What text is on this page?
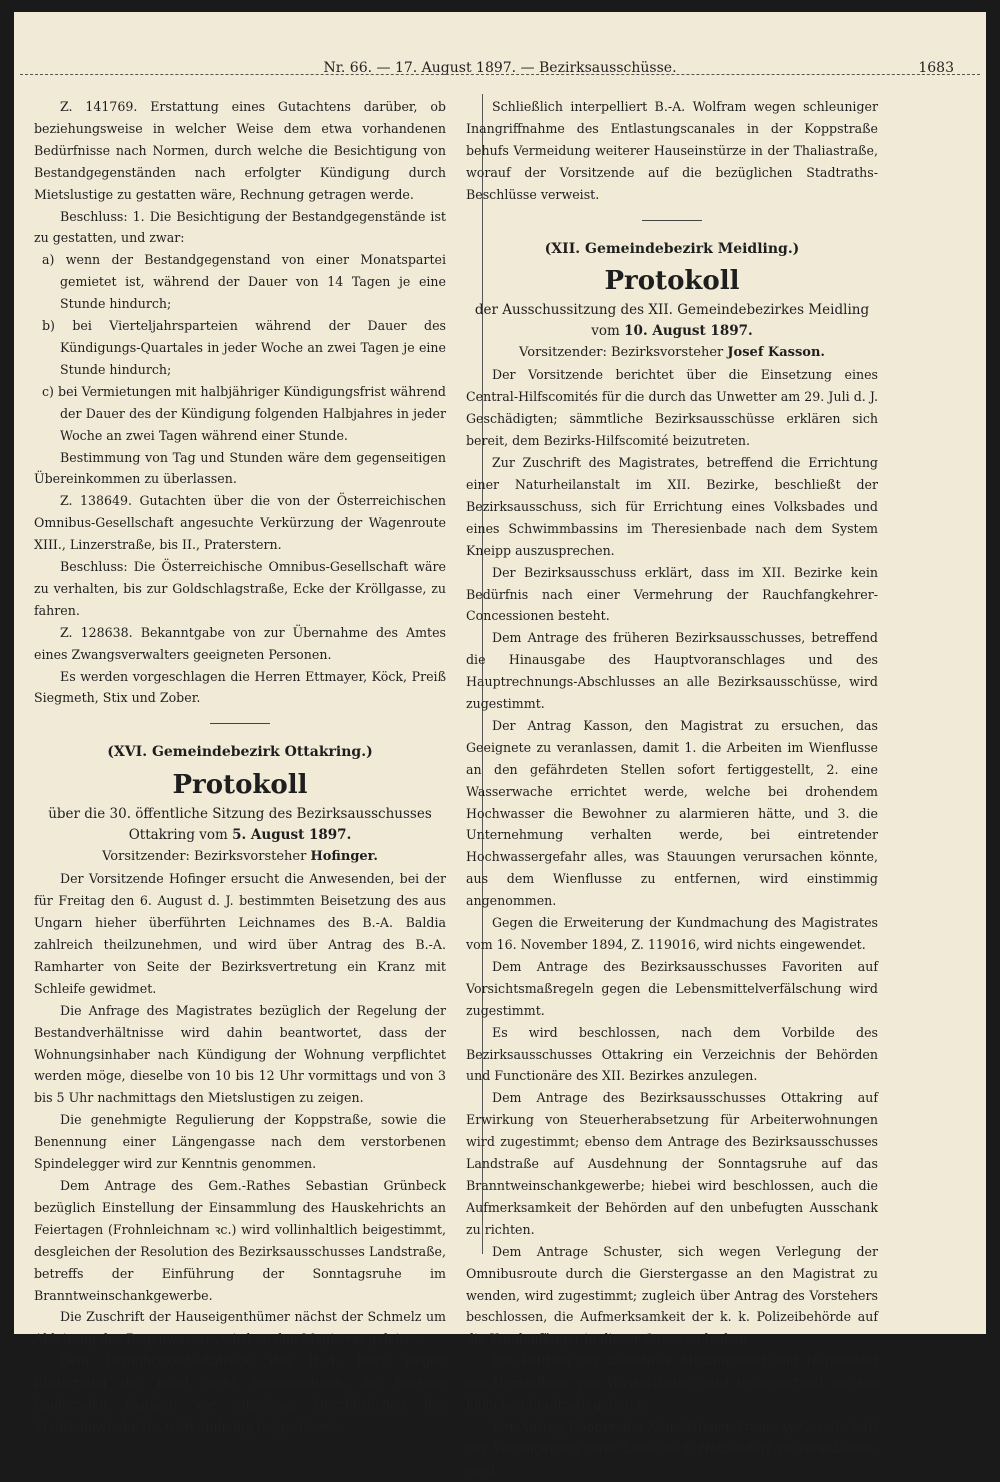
Nr. 66. — 17. August 1897. — Bezirksausschüsse.	1683

Z. 141769. Erstattung eines Gutachtens darüber, ob beziehungsweise in welcher Weise dem etwa vorhandenen Bedürfnisse nach Normen, durch welche die Besichtigung von Bestandgegenständen nach erfolgter Kündigung durch Mietslustige zu gestatten wäre, Rechnung getragen werde.

Beschluss: 1. Die Besichtigung der Bestandgegenstände ist zu gestatten, und zwar:

a) wenn der Bestandgegenstand von einer Monatspartei gemietet ist, während der Dauer von 14 Tagen je eine Stunde hindurch;

b) bei Vierteljahrsparteien während der Dauer des Kündigungs-Quartales in jeder Woche an zwei Tagen je eine Stunde hindurch;

c) bei Vermietungen mit halbjähriger Kündigungsfrist während der Dauer des der Kündigung folgenden Halbjahres in jeder Woche an zwei Tagen während einer Stunde.

Bestimmung von Tag und Stunden wäre dem gegenseitigen Übereinkommen zu überlassen.

Z. 138649. Gutachten über die von der Österreichischen Omnibus-Gesellschaft angesuchte Verkürzung der Wagenroute XIII., Linzerstraße, bis II., Praterstern.

Beschluss: Die Österreichische Omnibus-Gesellschaft wäre zu verhalten, bis zur Goldschlagstraße, Ecke der Kröllgasse, zu fahren.

Z. 128638. Bekanntgabe von zur Übernahme des Amtes eines Zwangsverwalters geeigneten Personen.

Es werden vorgeschlagen die Herren Ettmayer, Köck, Preiß Siegmeth, Stix und Zober.

(XVI. Gemeindebezirk Ottakring.)
Protokoll
über die 30. öffentliche Sitzung des Bezirksausschusses Ottakring vom 5. August 1897.
Vorsitzender: Bezirksvorsteher Hofinger.

Der Vorsitzende Hofinger ersucht die Anwesenden, bei der für Freitag den 6. August d. J. bestimmten Beisetzung des aus Ungarn hieher überführten Leichnames des B.-A. Baldia zahlreich theilzunehmen, und wird über Antrag des B.-A. Ramharter von Seite der Bezirksvertretung ein Kranz mit Schleife gewidmet.

Die Anfrage des Magistrates bezüglich der Regelung der Bestandverhältnisse wird dahin beantwortet, dass der Wohnungsinhaber nach Kündigung der Wohnung verpflichtet werden möge, dieselbe von 10 bis 12 Uhr vormittags und von 3 bis 5 Uhr nachmittags den Mietslustigen zu zeigen.

Die genehmigte Regulierung der Koppstraße, sowie die Benennung einer Längengasse nach dem verstorbenen Spindelegger wird zur Kenntnis genommen.

Dem Antrage des Gem.-Rathes Sebastian Grünbeck bezüglich Einstellung der Einsammlung des Hauskehrichts an Feiertagen (Frohnleichnam ꝛc.) wird vollinhaltlich beigestimmt, desgleichen der Resolution des Bezirksausschusses Landstraße, betreffs der Einführung der Sonntagsruhe im Branntweinschankgewerbe.

Die Zuschrift der Hauseigenthümer nächst der Schmelz um Ableitung des Regenwassers wird an den Magistrat geleitet.

Dem Dringlichkeits-Antrage des B.-A. Pany wegen Entfernung der nicht mehr nothwendigen, die Passage hindernden Planken vor einzelnen Durchbrüchen des Stadtbahnviaductes wird einhellig beigestimmt.

Schließlich interpelliert B.-A. Wolfram wegen schleuniger Inangriffnahme des Entlastungscanales in der Koppstraße behufs Vermeidung weiterer Hauseinstürze in der Thaliastraße, worauf der Vorsitzende auf die bezüglichen Stadtraths-Beschlüsse verweist.

(XII. Gemeindebezirk Meidling.)
Protokoll
der Ausschussitzung des XII. Gemeindebezirkes Meidling vom 10. August 1897.
Vorsitzender: Bezirksvorsteher Josef Kasson.

Der Vorsitzende berichtet über die Einsetzung eines Central-Hilfscomités für die durch das Unwetter am 29. Juli d. J. Geschädigten; sämmtliche Bezirksausschüsse erklären sich bereit, dem Bezirks-Hilfscomité beizutreten.

Zur Zuschrift des Magistrates, betreffend die Errichtung einer Naturheilanstalt im XII. Bezirke, beschließt der Bezirksausschuss, sich für Errichtung eines Volksbades und eines Schwimmbassins im Theresienbade nach dem System Kneipp auszusprechen.

Der Bezirksausschuss erklärt, dass im XII. Bezirke kein Bedürfnis nach einer Vermehrung der Rauchfangkehrer-Concessionen besteht.

Dem Antrage des früheren Bezirksausschusses, betreffend die Hinausgabe des Hauptvoranschlages und des Hauptrechnungs-Abschlusses an alle Bezirksausschüsse, wird zugestimmt.

Der Antrag Kasson, den Magistrat zu ersuchen, das Geeignete zu veranlassen, damit 1. die Arbeiten im Wienflusse an den gefährdeten Stellen sofort fertiggestellt, 2. eine Wasserwache errichtet werde, welche bei drohendem Hochwasser die Bewohner zu alarmieren hätte, und 3. die Unternehmung verhalten werde, bei eintretender Hochwassergefahr alles, was Stauungen verursachen könnte, aus dem Wienflusse zu entfernen, wird einstimmig angenommen.

Gegen die Erweiterung der Kundmachung des Magistrates vom 16. November 1894, Z. 119016, wird nichts eingewendet.

Dem Antrage des Bezirksausschusses Favoriten auf Vorsichtsmaßregeln gegen die Lebensmittelverfälschung wird zugestimmt.

Es wird beschlossen, nach dem Vorbilde des Bezirksausschusses Ottakring ein Verzeichnis der Behörden und Functionäre des XII. Bezirkes anzulegen.

Dem Antrage des Bezirksausschusses Ottakring auf Erwirkung von Steuerherabsetzung für Arbeiterwohnungen wird zugestimmt; ebenso dem Antrage des Bezirksausschusses Landstraße auf Ausdehnung der Sonntagsruhe auf das Branntweinschankgewerbe; hiebei wird beschlossen, auch die Aufmerksamkeit der Behörden auf den unbefugten Ausschank zu richten.

Dem Antrage Schuster, sich wegen Verlegung der Omnibusroute durch die Gierstergasse an den Magistrat zu wenden, wird zugestimmt; zugleich über Antrag des Vorstehers beschlossen, die Aufmerksamkeit der k. k. Polizeibehörde auf die Kundenfänger in dieser Gasse zu lenken.

Die Petition der Bewohner Altmannsdorf und Hetzendorf um Herstellung von Wasserläufen wird befürwortend an den löblichen Stadtrath geleitet.

Der Antrag Donner, die Neue Wiener Tramway-Gesellschaft zur Verlängerung ihrer Linie nach Hetzendorf zu veranlassen, wird
